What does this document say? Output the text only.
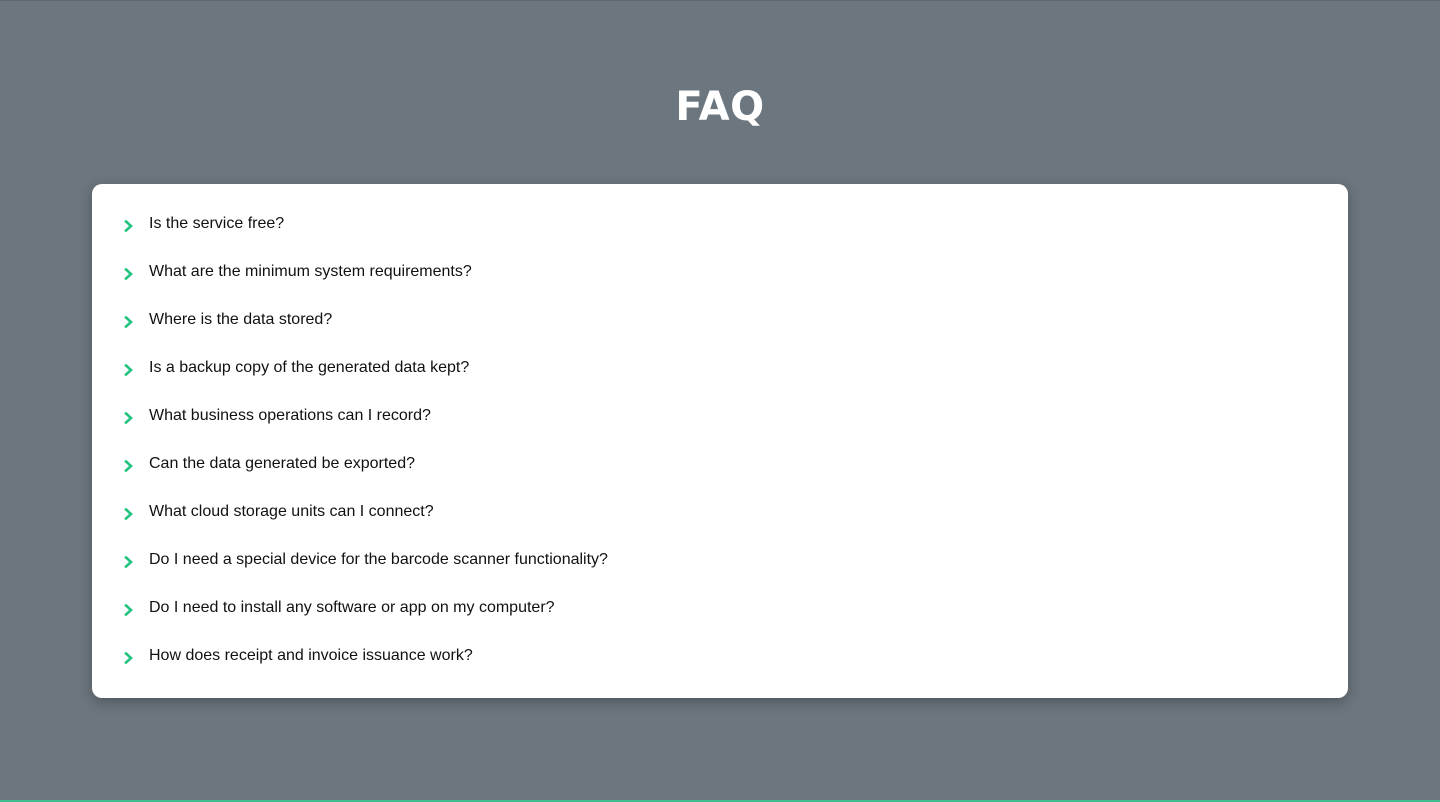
FAQ
Is the service free?
What are the minimum system requirements?
Where is the data stored?
Is a backup copy of the generated data kept?
What business operations can I record?
Can the data generated be exported?
What cloud storage units can I connect?
Do I need a special device for the barcode scanner functionality?
Do I need to install any software or app on my computer?
How does receipt and invoice issuance work?
